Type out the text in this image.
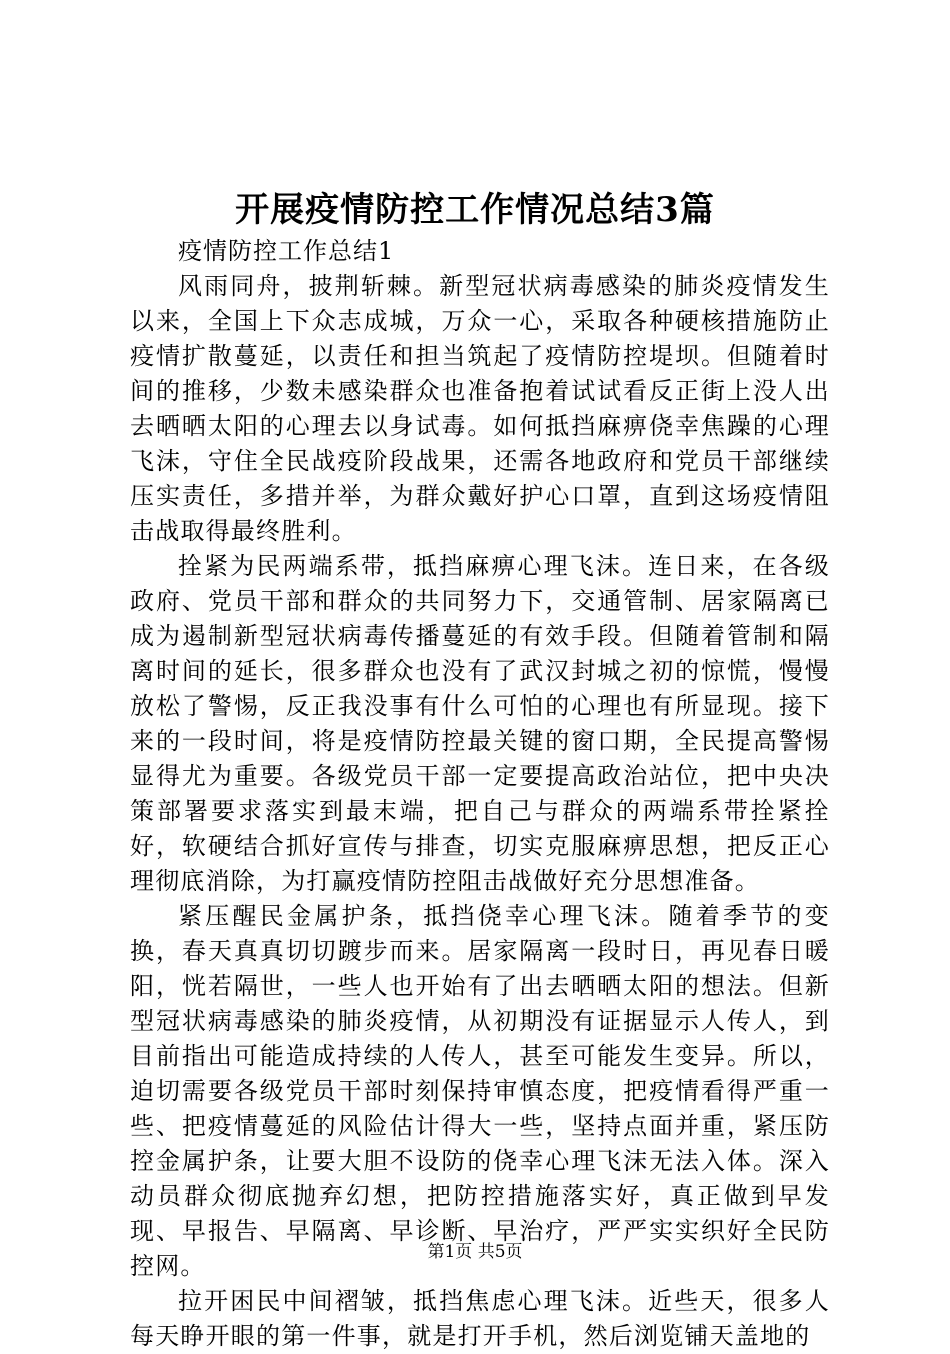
开展疫情防控工作情况总结3篇

疫情防控工作总结1

风雨同舟，披荆斩棘。新型冠状病毒感染的肺炎疫情发生以来，全国上下众志成城，万众一心，采取各种硬核措施防止疫情扩散蔓延，以责任和担当筑起了疫情防控堤坝。但随着时间的推移，少数未感染群众也准备抱着试试看反正街上没人出去晒晒太阳的心理去以身试毒。如何抵挡麻痹侥幸焦躁的心理飞沫，守住全民战疫阶段战果，还需各地政府和党员干部继续压实责任，多措并举，为群众戴好护心口罩，直到这场疫情阻击战取得最终胜利。

拴紧为民两端系带，抵挡麻痹心理飞沫。连日来，在各级政府、党员干部和群众的共同努力下，交通管制、居家隔离已成为遏制新型冠状病毒传播蔓延的有效手段。但随着管制和隔离时间的延长，很多群众也没有了武汉封城之初的惊慌，慢慢放松了警惕，反正我没事有什么可怕的心理也有所显现。接下来的一段时间，将是疫情防控最关键的窗口期，全民提高警惕显得尤为重要。各级党员干部一定要提高政治站位，把中央决策部署要求落实到最末端，把自己与群众的两端系带拴紧拴好，软硬结合抓好宣传与排查，切实克服麻痹思想，把反正心理彻底消除，为打赢疫情防控阻击战做好充分思想准备。

紧压醒民金属护条，抵挡侥幸心理飞沫。随着季节的变换，春天真真切切踱步而来。居家隔离一段时日，再见春日暖阳，恍若隔世，一些人也开始有了出去晒晒太阳的想法。但新型冠状病毒感染的肺炎疫情，从初期没有证据显示人传人，到目前指出可能造成持续的人传人，甚至可能发生变异。所以，迫切需要各级党员干部时刻保持审慎态度，把疫情看得严重一些、把疫情蔓延的风险估计得大一些，坚持点面并重，紧压防控金属护条，让要大胆不设防的侥幸心理飞沫无法入体。深入动员群众彻底抛弃幻想，把防控措施落实好，真正做到早发现、早报告、早隔离、早诊断、早治疗，严严实实织好全民防控网。

拉开困民中间褶皱，抵挡焦虑心理飞沫。近些天，很多人每天睁开眼的第一件事，就是打开手机，然后浏览铺天盖地的

第1页 共5页
